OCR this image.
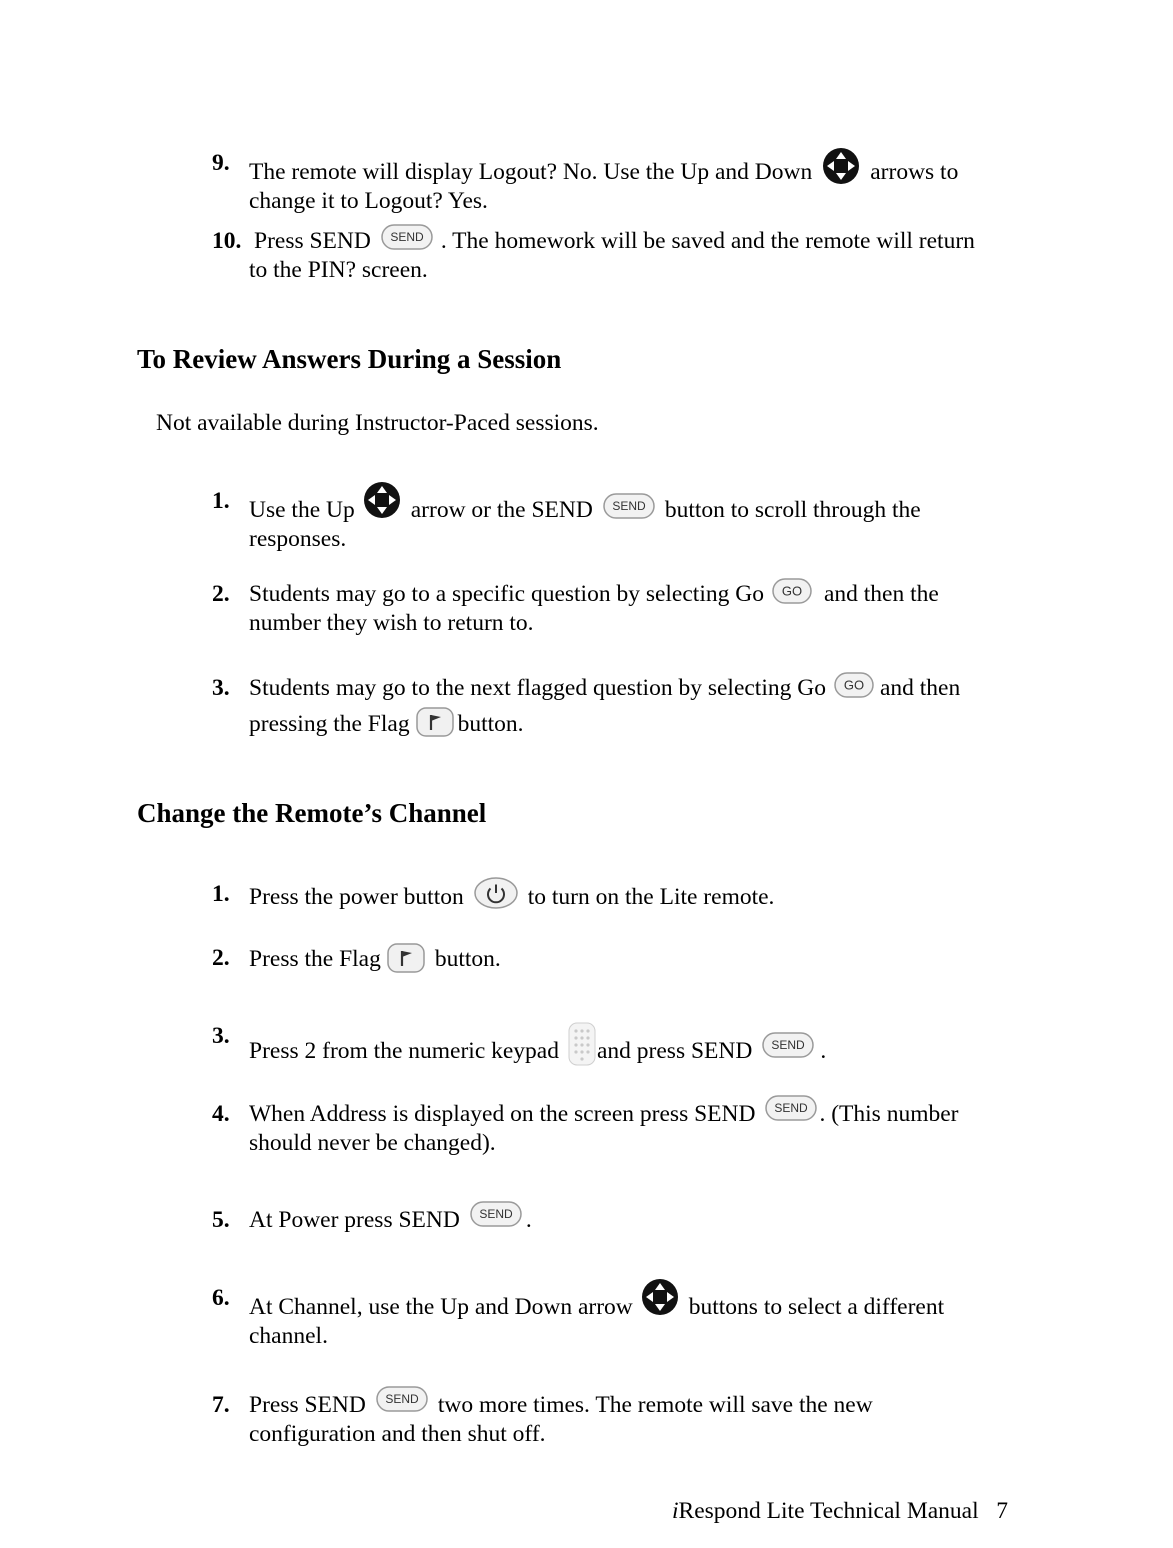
9. The remote will display Logout? No. Use the Up and Down arrows to
change it to Logout? Yes.
10. Press SEND SEND . The homework will be saved and the remote will return
to the PIN? screen.
To Review Answers During a Session
Not available during Instructor-Paced sessions.
1. Use the Up arrow or the SEND SEND button to scroll through the
responses.
2. Students may go to a specific question by selecting Go GO and then the
number they wish to return to.
3. Students may go to the next flagged question by selecting Go GO and then
pressing the Flag button.
Change the Remote’s Channel
1. Press the power button	to turn on the Lite remote.
2. Press the Flag button.
3.
Press 2 from the numeric keypad and press SEND SEND .
4. When Address is displayed on the screen press SEND SEND . (This number
should never be changed).
5. At Power press SEND SEND .
6. At Channel, use the Up and Down arrow buttons to select a different
channel.
7. Press SEND SEND two more times. The remote will save the new
configuration and then shut off.
iRespond Lite Technical Manual 7
